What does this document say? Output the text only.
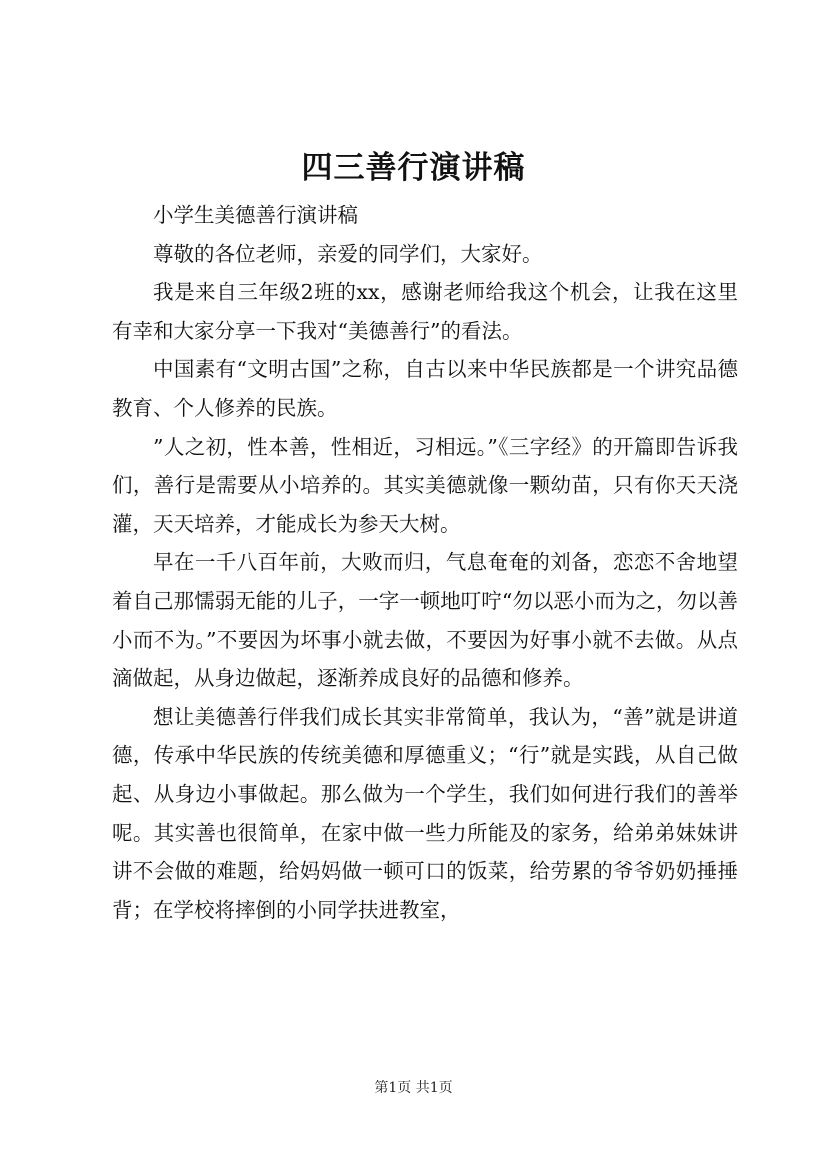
四三善行演讲稿

小学生美德善行演讲稿

尊敬的各位老师，亲爱的同学们，大家好。

我是来自三年级2班的xx，感谢老师给我这个机会，让我在这里有幸和大家分享一下我对“美德善行”的看法。

中国素有“文明古国”之称，自古以来中华民族都是一个讲究品德教育、个人修养的民族。

”人之初，性本善，性相近，习相远。”《三字经》的开篇即告诉我们，善行是需要从小培养的。其实美德就像一颗幼苗，只有你天天浇灌，天天培养，才能成长为参天大树。

早在一千八百年前，大败而归，气息奄奄的刘备，恋恋不舍地望着自己那懦弱无能的儿子，一字一顿地叮咛“勿以恶小而为之，勿以善小而不为。”不要因为坏事小就去做，不要因为好事小就不去做。从点滴做起，从身边做起，逐渐养成良好的品德和修养。

想让美德善行伴我们成长其实非常简单，我认为，“善”就是讲道德，传承中华民族的传统美德和厚德重义；“行”就是实践，从自己做起、从身边小事做起。那么做为一个学生，我们如何进行我们的善举呢。其实善也很简单，在家中做一些力所能及的家务，给弟弟妹妹讲讲不会做的难题，给妈妈做一顿可口的饭菜，给劳累的爷爷奶奶捶捶背；在学校将摔倒的小同学扶进教室，

第1页 共1页
